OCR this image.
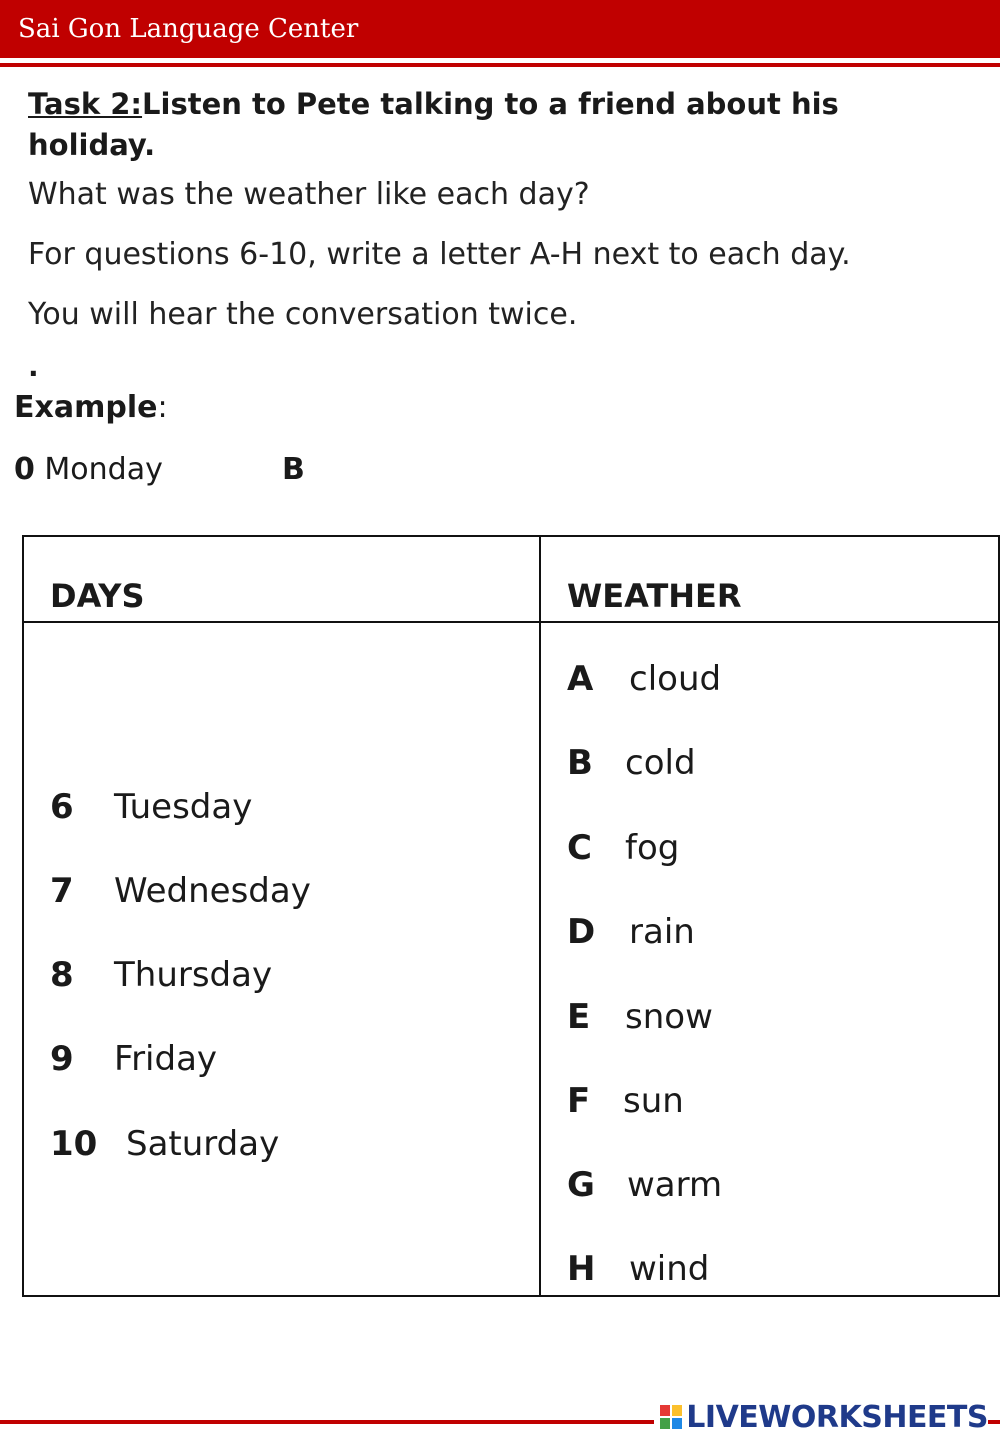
Sai Gon Language Center
Task 2:Listen to Pete talking to a friend about his holiday.
What was the weather like each day?
For questions 6-10, write a letter A-H next to each day.
You will hear the conversation twice.
.
Example:
0 Monday	B
DAYS	WEATHER
6 Tuesday
7 Wednesday
8 Thursday
9 Friday
10 Saturday
A cloud
B cold
C fog
D rain
E snow
F sun
G warm
H wind
LIVEWORKSHEETS
